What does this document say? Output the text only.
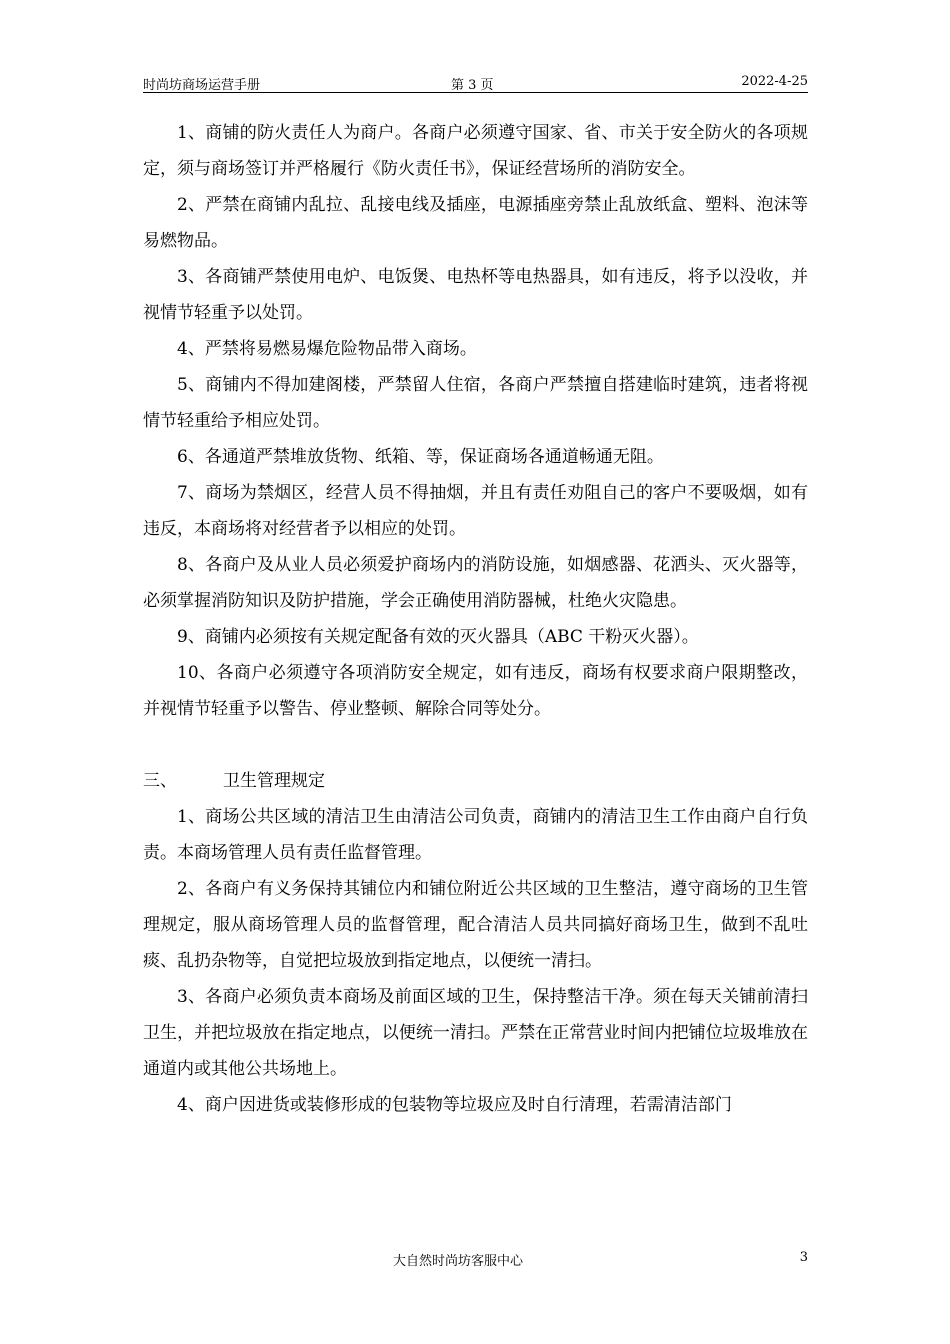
时尚坊商场运营手册	第 3 页	2022-4-25

1、商铺的防火责任人为商户。各商户必须遵守国家、省、市关于安全防火的各项规定，须与商场签订并严格履行《防火责任书》，保证经营场所的消防安全。

2、严禁在商铺内乱拉、乱接电线及插座，电源插座旁禁止乱放纸盒、塑料、泡沫等易燃物品。

3、各商铺严禁使用电炉、电饭煲、电热杯等电热器具，如有违反，将予以没收，并视情节轻重予以处罚。

4、严禁将易燃易爆危险物品带入商场。

5、商铺内不得加建阁楼，严禁留人住宿，各商户严禁擅自搭建临时建筑，违者将视情节轻重给予相应处罚。

6、各通道严禁堆放货物、纸箱、等，保证商场各通道畅通无阻。

7、商场为禁烟区，经营人员不得抽烟，并且有责任劝阻自己的客户不要吸烟，如有违反，本商场将对经营者予以相应的处罚。

8、各商户及从业人员必须爱护商场内的消防设施，如烟感器、花洒头、灭火器等，必须掌握消防知识及防护措施，学会正确使用消防器械，杜绝火灾隐患。

9、商铺内必须按有关规定配备有效的灭火器具（ABC 干粉灭火器）。

10、各商户必须遵守各项消防安全规定，如有违反，商场有权要求商户限期整改，并视情节轻重予以警告、停业整顿、解除合同等处分。

三、	卫生管理规定

1、商场公共区域的清洁卫生由清洁公司负责，商铺内的清洁卫生工作由商户自行负责。本商场管理人员有责任监督管理。

2、各商户有义务保持其铺位内和铺位附近公共区域的卫生整洁，遵守商场的卫生管理规定，服从商场管理人员的监督管理，配合清洁人员共同搞好商场卫生，做到不乱吐痰、乱扔杂物等，自觉把垃圾放到指定地点，以便统一清扫。

3、各商户必须负责本商场及前面区域的卫生，保持整洁干净。须在每天关铺前清扫卫生，并把垃圾放在指定地点，以便统一清扫。严禁在正常营业时间内把铺位垃圾堆放在通道内或其他公共场地上。

4、商户因进货或装修形成的包装物等垃圾应及时自行清理，若需清洁部门

大自然时尚坊客服中心	3
